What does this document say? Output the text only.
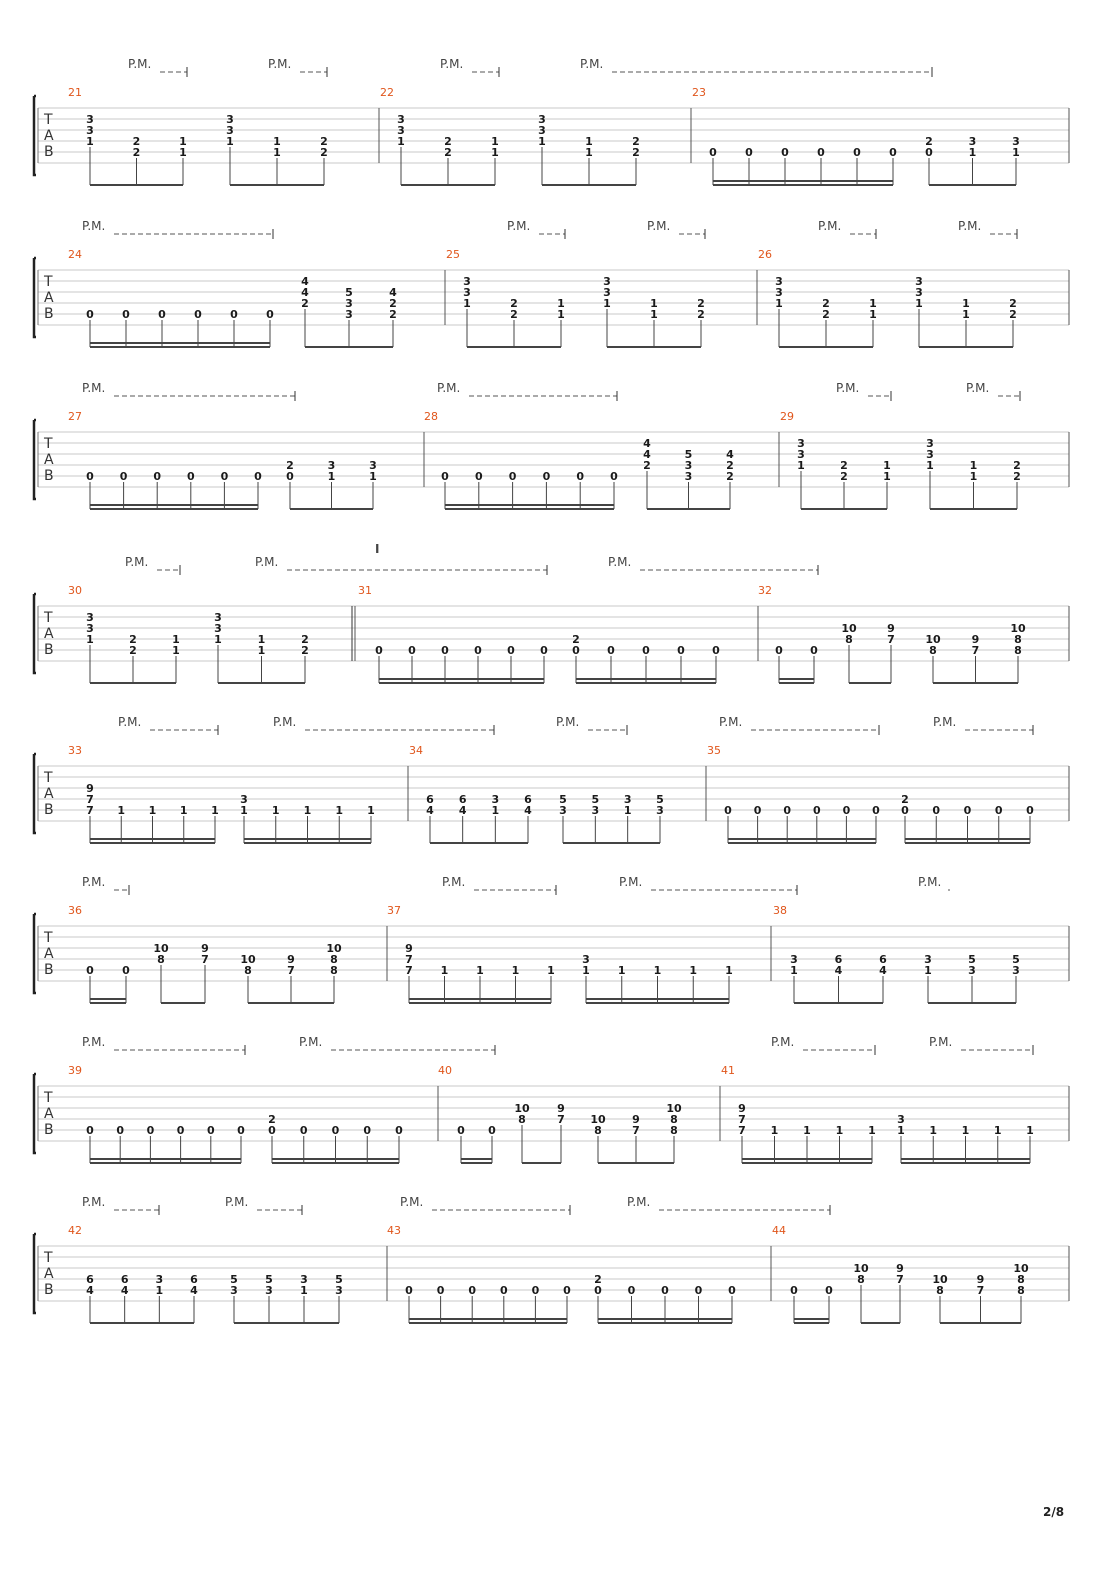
T
A
B
P.M.	P.M.	P.M.	P.M.
21
3
3
1	2
2
1
1
3
3
1	1
1
2
2
22
3
3
1	2
2
1
1
3
3
1	1
1
2
2
23
0	0	0	0	0	0
2
0
3
1
3
1
T
A
B
P.M.	P.M.	P.M.	P.M.	P.M.
24
0	0	0	0	0	0
4
4
2
5
3
3
4
2
2
25
3
3
1	2
2
1
1
3
3
1	1
1
2
2
26
3
3
1	2
2
1
1
3
3
1	1
1
2
2
T
A
B
P.M.	P.M.	P.M.	P.M.
27
0 0 0 0 0 0
2
0
3
1
3
1
28
0 0 0 0 0 0
4
4
2
5
3
3
4
2
2
29
3
3
1	2
2
1
1
3
3
1	1
1
2
2
T
A
B
P.M.	P.M.	P.M.
I
30
3
3
1	2
2
1
1
3
3
1	1
1
2
2
31
0 0 0 0 0 0
2
0 0 0 0 0
32
0 0
10
8
9
7	10
8
9
7
10
8
8
T
A
B
P.M.	P.M.	P.M.	P.M.	P.M.
33
9
7
7 1 1 1 1
3
1 1 1 1 1
34
6
4
6
4
3
1
6
4
5
3
5
3
3
1
5
3
35
0 0 0 0 0 0
2
0 0 0 0 0
T
A
B
P.M.	P.M.	P.M.	P.M.
36
0	0
10
8
9
7	10
8
9
7
10
8
8
37
9
7
7	1	1	1	1
3
1	1	1	1	1
38
3
1
6
4
6
4
3
1
5
3
5
3
T
A
B
P.M.	P.M.	P.M.	P.M.
39
0 0 0 0 0 0
2
0 0 0 0 0
40
0 0
10
8
9
7 10
8
9
7
10
8
8
41
9
7
7 1 1 1 1
3
1 1 1 1 1
T
A
B
P.M.	P.M.	P.M.	P.M.
42
6
4
6
4
3
1
6
4
5
3
5
3
3
1
5
3
43
0 0 0 0 0 0
2
0 0 0 0 0
44
0 0
10
8
9
7	10
8
9
7
10
8
8
2/8
